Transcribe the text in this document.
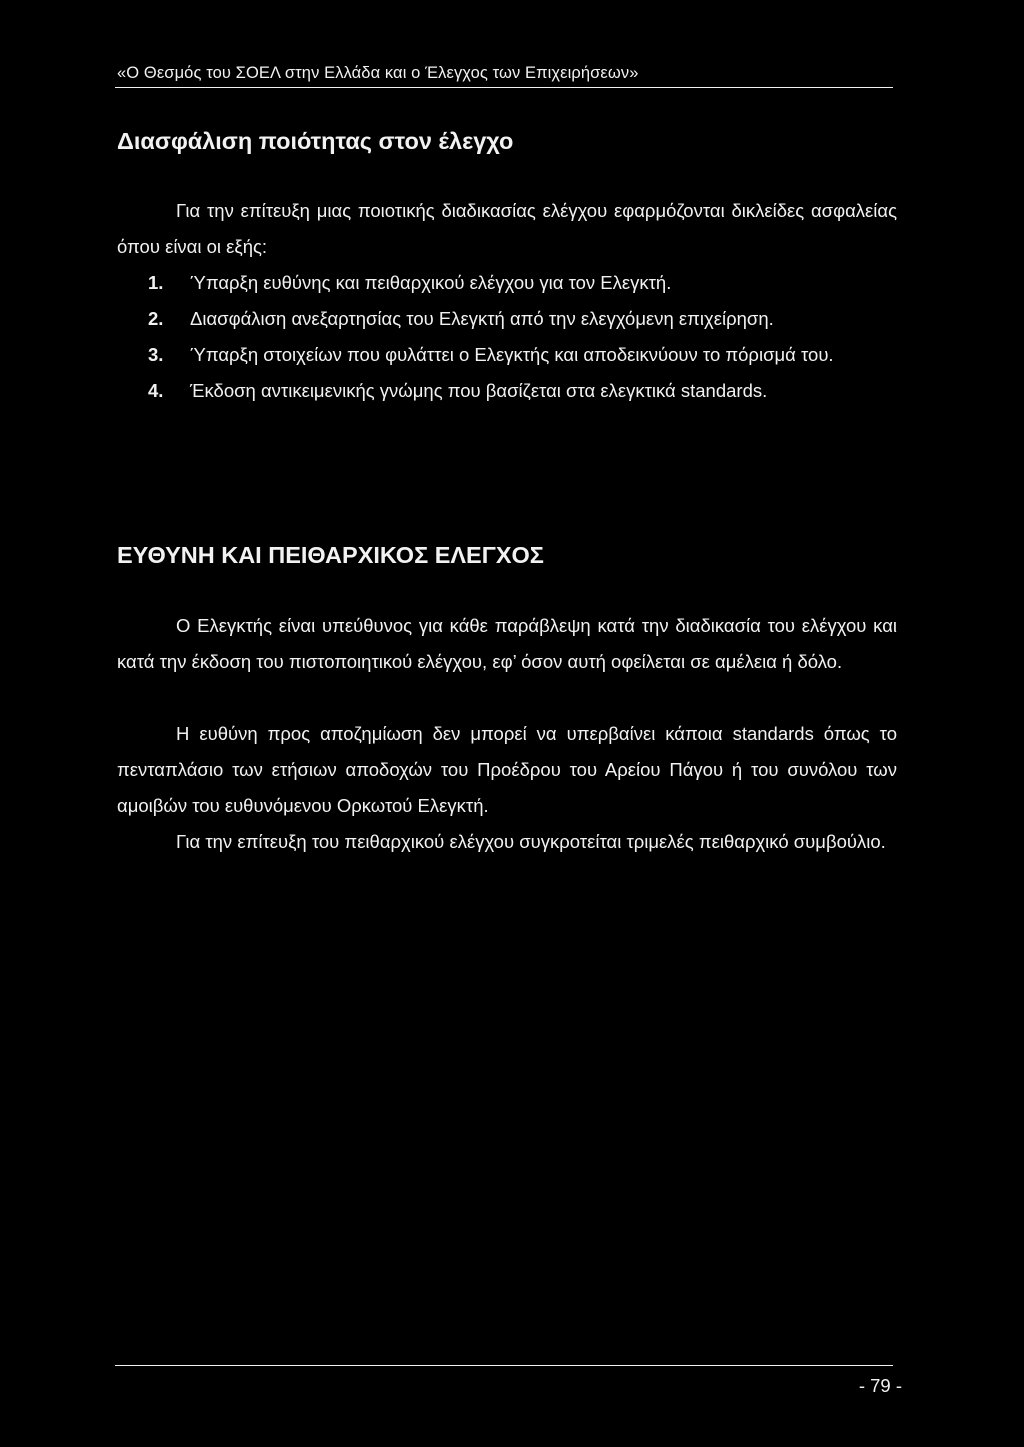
«Ο Θεσμός του ΣΟΕΛ στην Ελλάδα και ο Έλεγχος των Επιχειρήσεων»
Διασφάλιση ποιότητας στον έλεγχο

Για την επίτευξη μιας ποιοτικής διαδικασίας ελέγχου εφαρμόζονται δικλείδες ασφαλείας όπου είναι οι εξής:

1. Ύπαρξη ευθύνης και πειθαρχικού ελέγχου για τον Ελεγκτή.
2. Διασφάλιση ανεξαρτησίας του Ελεγκτή από την ελεγχόμενη επιχείρηση.
3. Ύπαρξη στοιχείων που φυλάττει ο Ελεγκτής και αποδεικνύουν το πόρισμά του.
4. Έκδοση αντικειμενικής γνώμης που βασίζεται στα ελεγκτικά standards.
ΕΥΘΥΝΗ ΚΑΙ ΠΕΙΘΑΡΧΙΚΟΣ ΕΛΕΓΧΟΣ

Ο Ελεγκτής είναι υπεύθυνος για κάθε παράβλεψη κατά την διαδικασία του ελέγχου και κατά την έκδοση του πιστοποιητικού ελέγχου, εφ’ όσον αυτή οφείλεται σε αμέλεια ή δόλο.

Η ευθύνη προς αποζημίωση δεν μπορεί να υπερβαίνει κάποια standards όπως το πενταπλάσιο των ετήσιων αποδοχών του Προέδρου του Αρείου Πάγου ή του συνόλου των αμοιβών του ευθυνόμενου Ορκωτού Ελεγκτή.

Για την επίτευξη του πειθαρχικού ελέγχου συγκροτείται τριμελές πειθαρχικό συμβούλιο.

- 79 -
